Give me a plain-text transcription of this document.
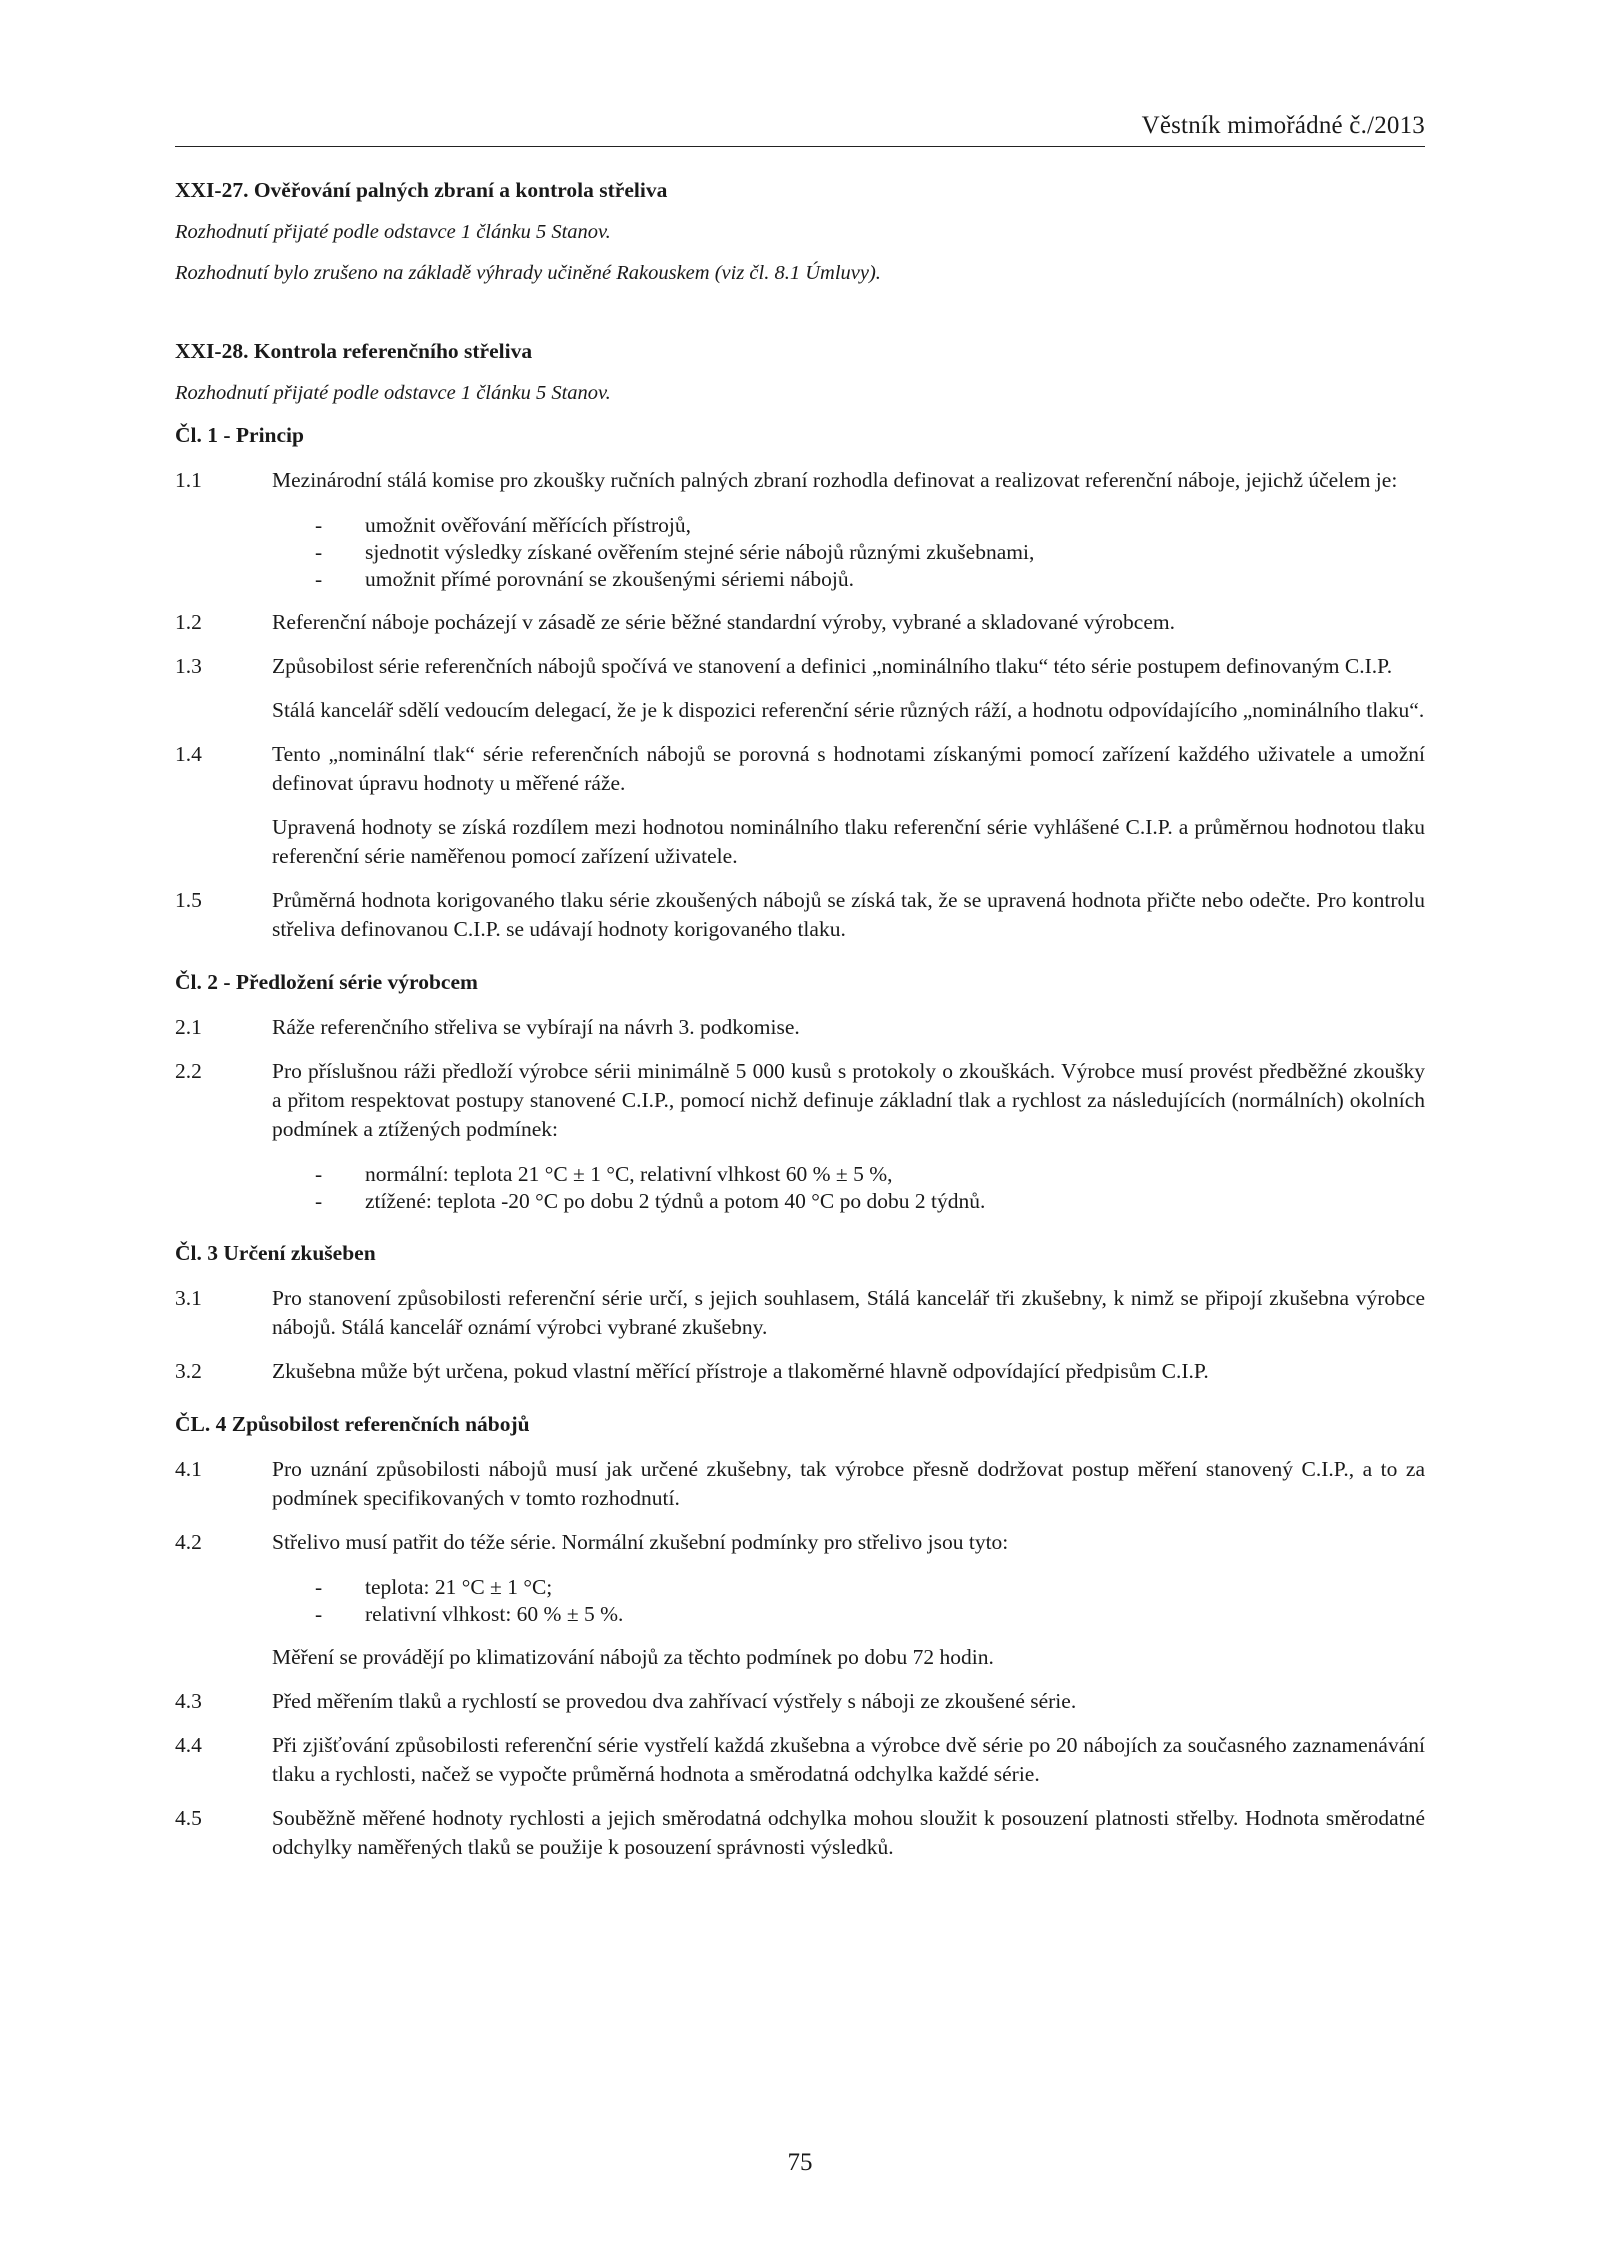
Věstník mimořádné č./2013

XXI-27. Ověřování palných zbraní a kontrola střeliva

Rozhodnutí přijaté podle odstavce 1 článku 5 Stanov.

Rozhodnutí bylo zrušeno na základě výhrady učiněné Rakouskem (viz čl. 8.1 Úmluvy).

XXI-28. Kontrola referenčního střeliva

Rozhodnutí přijaté podle odstavce 1 článku 5 Stanov.

Čl. 1 - Princip

1.1	Mezinárodní stálá komise pro zkoušky ručních palných zbraní rozhodla definovat a realizovat referenční náboje, jejichž účelem je:
- umožnit ověřování měřících přístrojů,
- sjednotit výsledky získané ověřením stejné série nábojů různými zkušebnami,
- umožnit přímé porovnání se zkoušenými sériemi nábojů.
1.2	Referenční náboje pocházejí v zásadě ze série běžné standardní výroby, vybrané a skladované výrobcem.
1.3	Způsobilost série referenčních nábojů spočívá ve stanovení a definici „nominálního tlaku“ této série postupem definovaným C.I.P.
Stálá kancelář sdělí vedoucím delegací, že je k dispozici referenční série různých ráží, a hodnotu odpovídajícího „nominálního tlaku“.
1.4	Tento „nominální tlak“ série referenčních nábojů se porovná s hodnotami získanými pomocí zařízení každého uživatele a umožní definovat úpravu hodnoty u měřené ráže.
Upravená hodnoty se získá rozdílem mezi hodnotou nominálního tlaku referenční série vyhlášené C.I.P. a průměrnou hodnotou tlaku referenční série naměřenou pomocí zařízení uživatele.
1.5	Průměrná hodnota korigovaného tlaku série zkoušených nábojů se získá tak, že se upravená hodnota přičte nebo odečte. Pro kontrolu střeliva definovanou C.I.P. se udávají hodnoty korigovaného tlaku.

Čl. 2 - Předložení série výrobcem

2.1	Ráže referenčního střeliva se vybírají na návrh 3. podkomise.
2.2	Pro příslušnou ráži předloží výrobce sérii minimálně 5 000 kusů s protokoly o zkouškách. Výrobce musí provést předběžné zkoušky a přitom respektovat postupy stanovené C.I.P., pomocí nichž definuje základní tlak a rychlost za následujících (normálních) okolních podmínek a ztížených podmínek:
- normální: teplota 21 °C ± 1 °C, relativní vlhkost 60 % ± 5 %,
- ztížené: teplota -20 °C po dobu 2 týdnů a potom 40 °C po dobu 2 týdnů.

Čl. 3 Určení zkušeben

3.1	Pro stanovení způsobilosti referenční série určí, s jejich souhlasem, Stálá kancelář tři zkušebny, k nimž se připojí zkušebna výrobce nábojů. Stálá kancelář oznámí výrobci vybrané zkušebny.
3.2	Zkušebna může být určena, pokud vlastní měřící přístroje a tlakoměrné hlavně odpovídající předpisům C.I.P.

ČL. 4 Způsobilost referenčních nábojů

4.1	Pro uznání způsobilosti nábojů musí jak určené zkušebny, tak výrobce přesně dodržovat postup měření stanovený C.I.P., a to za podmínek specifikovaných v tomto rozhodnutí.
4.2	Střelivo musí patřit do téže série. Normální zkušební podmínky pro střelivo jsou tyto:
- teplota: 21 °C ± 1 °C;
- relativní vlhkost: 60 % ± 5 %.
Měření se provádějí po klimatizování nábojů za těchto podmínek po dobu 72 hodin.
4.3	Před měřením tlaků a rychlostí se provedou dva zahřívací výstřely s náboji ze zkoušené série.
4.4	Při zjišťování způsobilosti referenční série vystřelí každá zkušebna a výrobce dvě série po 20 nábojích za současného zaznamenávání tlaku a rychlosti, načež se vypočte průměrná hodnota a směrodatná odchylka každé série.
4.5	Souběžně měřené hodnoty rychlosti a jejich směrodatná odchylka mohou sloužit k posouzení platnosti střelby. Hodnota směrodatné odchylky naměřených tlaků se použije k posouzení správnosti výsledků.
75
